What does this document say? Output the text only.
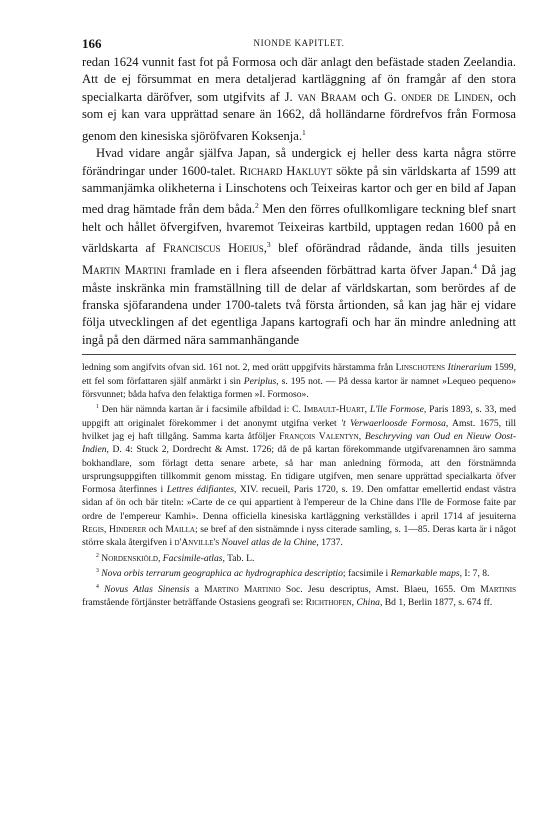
166	NIONDE KAPITLET.

redan 1624 vunnit fast fot på Formosa och där anlagt den befästade staden Zeelandia. Att de ej försummat en mera detaljerad kartläggning af ön framgår af den stora specialkarta däröfver, som utgifvits af J. van Braam och G. onder de Linden, och som ej kan vara upprättad senare än 1662, då holländarne fördrefvos från Formosa genom den kinesiska sjöröfvaren Koksenja.$^1$

Hvad vidare angår själfva Japan, så undergick ej heller dess karta några större förändringar under 1600-talet. Richard Hakluyt sökte på sin världskarta af 1599 att sammanjämka olikheterna i Linschotens och Teixeiras kartor och ger en bild af Japan med drag hämtade från dem båda.$^2$ Men den förres ofullkomligare teckning blef snart helt och hållet öfvergifven, hvaremot Teixeiras kartbild, upptagen redan 1600 på en världskarta af Franciscus Hoeius,$^3$ blef oförändrad rådande, ända tills jesuiten Martin Martini framlade en i flera afseenden förbättrad karta öfver Japan.$^4$ Då jag måste inskränka min framställning till de delar af världskartan, som berördes af de franska sjöfarandena under 1700-talets två första årtionden, så kan jag här ej vidare följa utvecklingen af det egentliga Japans kartografi och har än mindre anledning att ingå på den därmed nära sammanhängande

ledning som angifvits ofvan sid. 161 not. 2, med orätt uppgifvits härstamma från Linschotens Itinerarium 1599, ett fel som författaren själf anmärkt i sin Periplus, s. 195 not. — På dessa kartor är namnet »Lequeo pequeno» försvunnet; båda hafva den felaktiga formen »I. Formoso».

$^1$ Den här nämnda kartan är i facsimile afbildad i: C. Imbault-Huart, L'île Formose, Paris 1893, s. 33, med uppgift att originalet förekommer i det anonymt utgifna verket 't Verwaerloosde Formosa, Amst. 1675, till hvilket jag ej haft tillgång. Samma karta åtföljer François Valentyn, Beschryving van Oud en Nieuw Oost-Indien, D. 4: Stuck 2, Dordrecht & Amst. 1726; då de på kartan förekommande utgifvarenamnen äro samma bokhandlare, som förlagt detta senare arbete, så har man anledning förmoda, att den förstnämnda ursprungsuppgiften tillkommit genom misstag. En tidigare utgifven, men senare upprättad specialkarta öfver Formosa återfinnes i Lettres édifiantes, XIV. recueil, Paris 1720, s. 19. Den omfattar emellertid endast västra sidan af ön och bär titeln: »Carte de ce qui appartient à l'empereur de la Chine dans l'Ile de Formose faite par ordre de l'empereur Kamhi». Denna officiella kinesiska kartläggning verkställdes i april 1714 af jesuiterna Regis, Hinderer och Mailla; se bref af den sistnämnde i nyss citerade samling, s. 1—85. Deras karta är i något större skala återgifven i d'Anville's Nouvel atlas de la Chine, 1737.

$^2$ Nordenskiöld, Facsimile-atlas, Tab. L.

$^3$ Nova orbis terrarum geographica ac hydrographica descriptio; facsimile i Remarkable maps, I: 7, 8.

$^4$ Novus Atlas Sinensis a Martino Martinio Soc. Jesu descriptus, Amst. Blaeu, 1655. Om Martinis framstående förtjänster beträffande Ostasiens geografi se: Richthofen, China, Bd 1, Berlin 1877, s. 674 ff.
